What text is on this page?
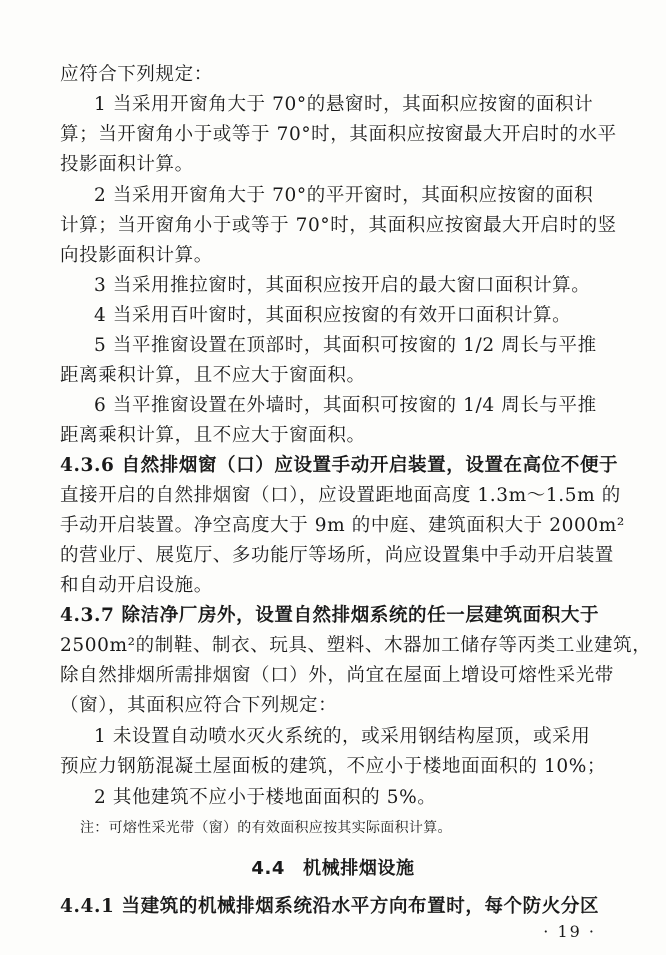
应符合下列规定：
1 当采用开窗角大于 70°的悬窗时，其面积应按窗的面积计
算；当开窗角小于或等于 70°时，其面积应按窗最大开启时的水平
投影面积计算。
2 当采用开窗角大于 70°的平开窗时，其面积应按窗的面积
计算；当开窗角小于或等于 70°时，其面积应按窗最大开启时的竖
向投影面积计算。
3 当采用推拉窗时，其面积应按开启的最大窗口面积计算。
4 当采用百叶窗时，其面积应按窗的有效开口面积计算。
5 当平推窗设置在顶部时，其面积可按窗的 1/2 周长与平推
距离乘积计算，且不应大于窗面积。
6 当平推窗设置在外墙时，其面积可按窗的 1/4 周长与平推
距离乘积计算，且不应大于窗面积。
4.3.6 自然排烟窗（口）应设置手动开启装置，设置在高位不便于
直接开启的自然排烟窗（口），应设置距地面高度 1.3m～1.5m 的
手动开启装置。净空高度大于 9m 的中庭、建筑面积大于 2000m²
的营业厅、展览厅、多功能厅等场所，尚应设置集中手动开启装置
和自动开启设施。
4.3.7 除洁净厂房外，设置自然排烟系统的任一层建筑面积大于
2500m²的制鞋、制衣、玩具、塑料、木器加工储存等丙类工业建筑，
除自然排烟所需排烟窗（口）外，尚宜在屋面上增设可熔性采光带
（窗），其面积应符合下列规定：
1 未设置自动喷水灭火系统的，或采用钢结构屋顶，或采用
预应力钢筋混凝土屋面板的建筑，不应小于楼地面面积的 10%；
2 其他建筑不应小于楼地面面积的 5%。
注：可熔性采光带（窗）的有效面积应按其实际面积计算。
4.4 机械排烟设施
4.4.1 当建筑的机械排烟系统沿水平方向布置时，每个防火分区
· 19 ·
